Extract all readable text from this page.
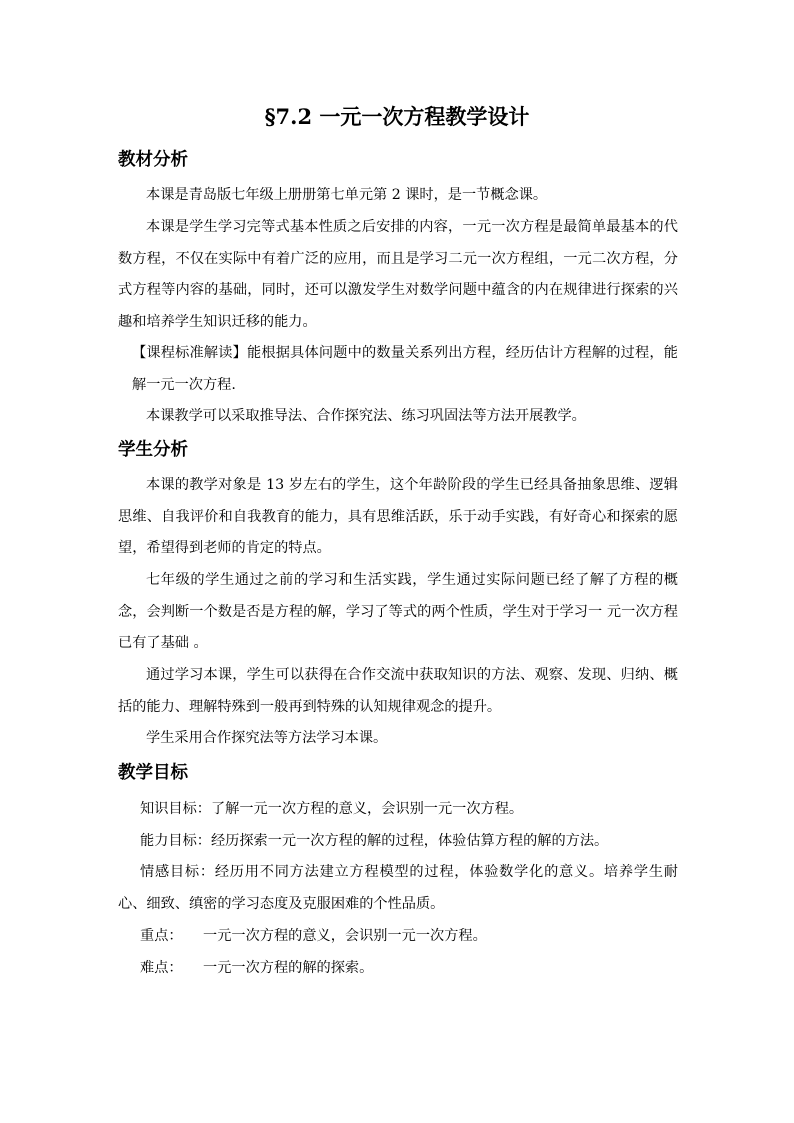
§7.2 一元一次方程教学设计
教材分析
本课是青岛版七年级上册册第七单元第 2 课时，是一节概念课。
本课是学生学习完等式基本性质之后安排的内容，一元一次方程是最简单最基本的代数方程，不仅在实际中有着广泛的应用，而且是学习二元一次方程组，一元二次方程，分式方程等内容的基础，同时，还可以激发学生对数学问题中蕴含的内在规律进行探索的兴趣和培养学生知识迁移的能力。
【课程标准解读】能根据具体问题中的数量关系列出方程，经历估计方程解的过程，能解一元一次方程.
本课教学可以采取推导法、合作探究法、练习巩固法等方法开展教学。
学生分析
本课的教学对象是 13 岁左右的学生，这个年龄阶段的学生已经具备抽象思维、逻辑思维、自我评价和自我教育的能力，具有思维活跃，乐于动手实践，有好奇心和探索的愿望，希望得到老师的肯定的特点。
七年级的学生通过之前的学习和生活实践，学生通过实际问题已经了解了方程的概念，会判断一个数是否是方程的解，学习了等式的两个性质，学生对于学习一 元一次方程已有了基础 。
通过学习本课，学生可以获得在合作交流中获取知识的方法、观察、发现、归纳、概括的能力、理解特殊到一般再到特殊的认知规律观念的提升。
学生采用合作探究法等方法学习本课。
教学目标
知识目标：了解一元一次方程的意义，会识别一元一次方程。
能力目标：经历探索一元一次方程的解的过程，体验估算方程的解的方法。
情感目标：经历用不同方法建立方程模型的过程，体验数学化的意义。培养学生耐心、细致、缜密的学习态度及克服困难的个性品质。
重点： 一元一次方程的意义，会识别一元一次方程。
难点： 一元一次方程的解的探索。
